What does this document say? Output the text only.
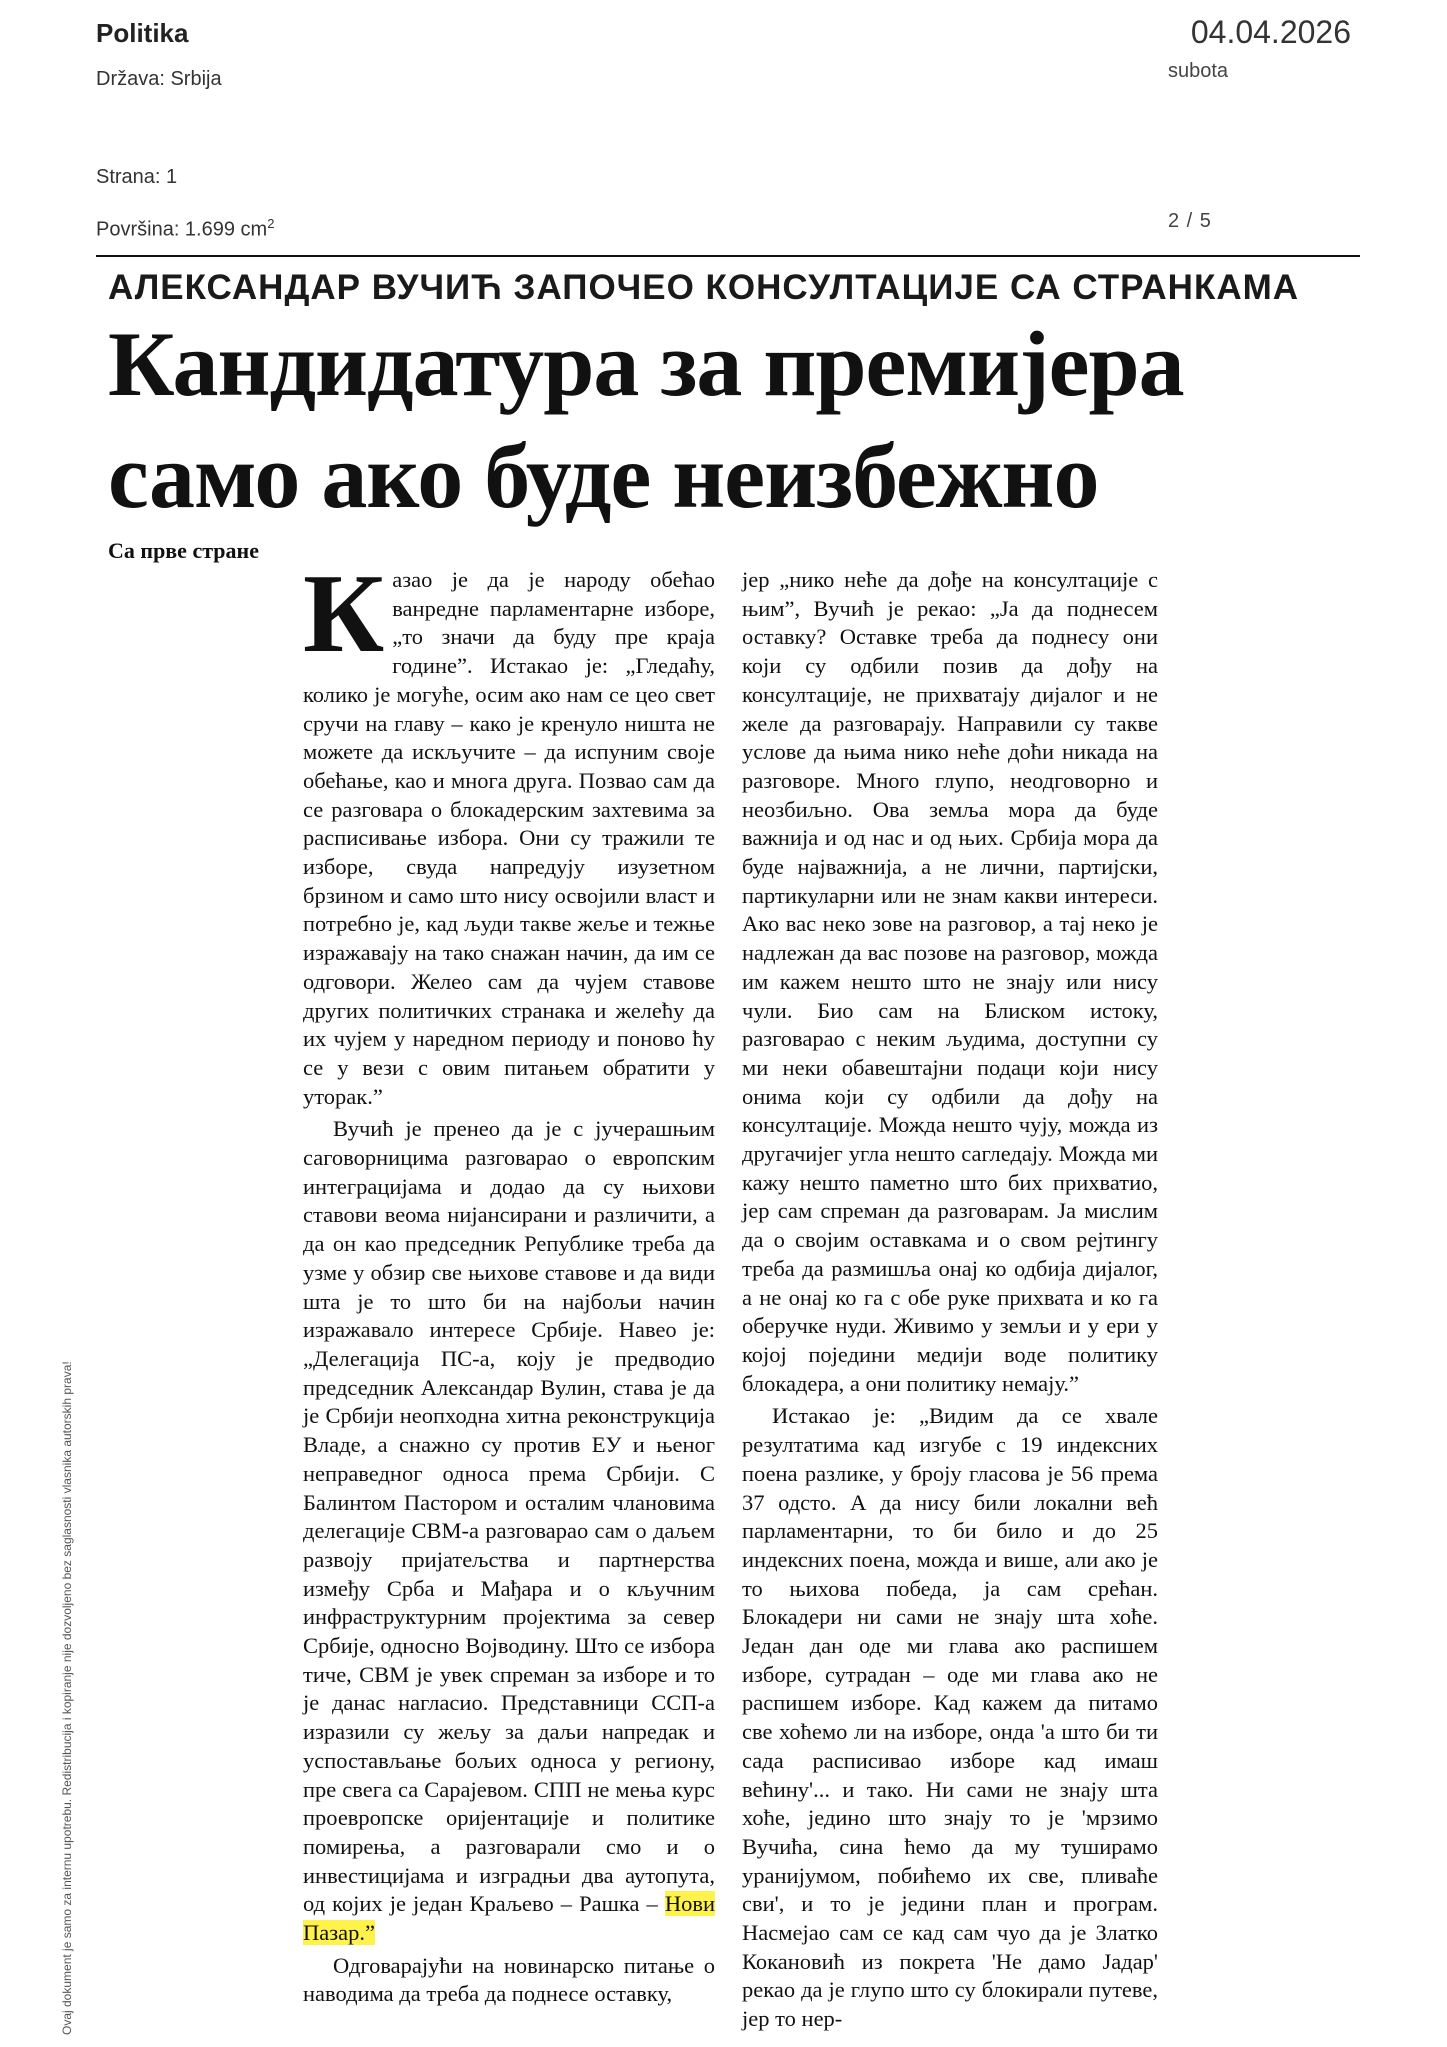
Politika
Država: Srbija
Strana: 1
Površina: 1.699 $cm^2$
04.04.2026
subota
2 / 5
АЛЕКСАНДАР ВУЧИЋ ЗАПОЧЕО КОНСУЛТАЦИЈЕ СА СТРАНКАМА
Кандидатура за премијера
само ако буде неизбежно
Са прве стране

Казао је да је народу обећао ванредне парламентарне изборе, „то значи да буду пре краја године”. Истакао је: „Гледаћу, колико је могуће, осим ако нам се цео свет сручи на главу – како је кренуло ништа не можете да искључите – да испуним своје обећање, као и многа друга. Позвао сам да се разговара о блокадерским захтевима за расписивање избора. Они су тражили те изборе, свуда напредују изузетном брзином и само што нису освојили власт и потребно је, кад људи такве жеље и тежње изражавају на тако снажан начин, да им се одговори. Желео сам да чујем ставове других политичких странака и желећу да их чујем у наредном периоду и поново ћу се у вези с овим питањем обратити у уторак.”

Вучић је пренео да је с јучерашњим саговорницима разговарао о европским интеграцијама и додао да су њихови ставови веома нијансирани и различити, а да он као председник Републике треба да узме у обзир све њихове ставове и да види шта је то што би на најбољи начин изражавало интересе Србије. Навео је: „Делегација ПС-а, коју је предводио председник Александар Вулин, става је да је Србији неопходна хитна реконструкција Владе, а снажно су против ЕУ и њеног неправедног односа према Србији. С Балинтом Пастором и осталим члановима делегације СВМ-а разговарао сам о даљем развоју пријатељства и партнерства између Срба и Мађара и о кључним инфраструктурним пројектима за север Србије, односно Војводину. Што се избора тиче, СВМ је увек спреман за изборе и то је данас нагласио. Представници ССП-а изразили су жељу за даљи напредак и успостављање бољих односа у региону, пре свега са Сарајевом. СПП не мења курс проевропске оријентације и политике помирења, а разговарали смо и о инвестицијама и изградњи два аутопута, од којих је један Краљево – Рашка – Нови Пазар.”

Одговарајући на новинарско питање о наводима да треба да поднесе оставку,

јер „нико неће да дође на консултације с њим”, Вучић је рекао: „Ја да поднесем оставку? Оставке треба да поднесу они који су одбили позив да дођу на консултације, не прихватају дијалог и не желе да разговарају. Направили су такве услове да њима нико неће доћи никада на разговоре. Много глупо, неодговорно и неозбиљно. Ова земља мора да буде важнија и од нас и од њих. Србија мора да буде најважнија, а не лични, партијски, партикуларни или не знам какви интереси. Ако вас неко зове на разговор, а тај неко је надлежан да вас позове на разговор, можда им кажем нешто што не знају или нису чули. Био сам на Блиском истоку, разговарао с неким људима, доступни су ми неки обавештајни подаци који нису онима који су одбили да дођу на консултације. Можда нешто чују, можда из другачијег угла нешто сагледају. Можда ми кажу нешто паметно што бих прихватио, јер сам спреман да разговарам. Ја мислим да о својим оставкама и о свом рејтингу треба да размишља онај ко одбија дијалог, а не онај ко га с обе руке прихвата и ко га оберучке нуди. Живимо у земљи и у ери у којој поједини медији воде политику блокадера, а они политику немају.”

Истакао је: „Видим да се хвале резултатима кад изгубе с 19 индексних поена разлике, у броју гласова је 56 према 37 одсто. А да нису били локални већ парламентарни, то би било и до 25 индексних поена, можда и више, али ако је то њихова победа, ја сам срећан. Блокадери ни сами не знају шта хоће. Један дан оде ми глава ако распишем изборе, сутрадан – оде ми глава ако не распишем изборе. Кад кажем да питамо све хоћемо ли на изборе, онда 'а што би ти сада расписивао изборе кад имаш већину'... и тако. Ни сами не знају шта хоће, једино што знају то је 'мрзимо Вучића, сина ћемо да му туширамо уранијумом, побићемо их све, пливаће сви', и то је једини план и програм. Насмејао сам се кад сам чуо да је Златко Кокановић из покрета 'Не дамо Јадар' рекао да је глупо што су блокирали путеве, јер то нер-

Ovaj dokument je samo za internu upotrebu. Redistribucija i kopiranje nije dozvoljeno bez saglasnosti vlasnika autorskih prava!
